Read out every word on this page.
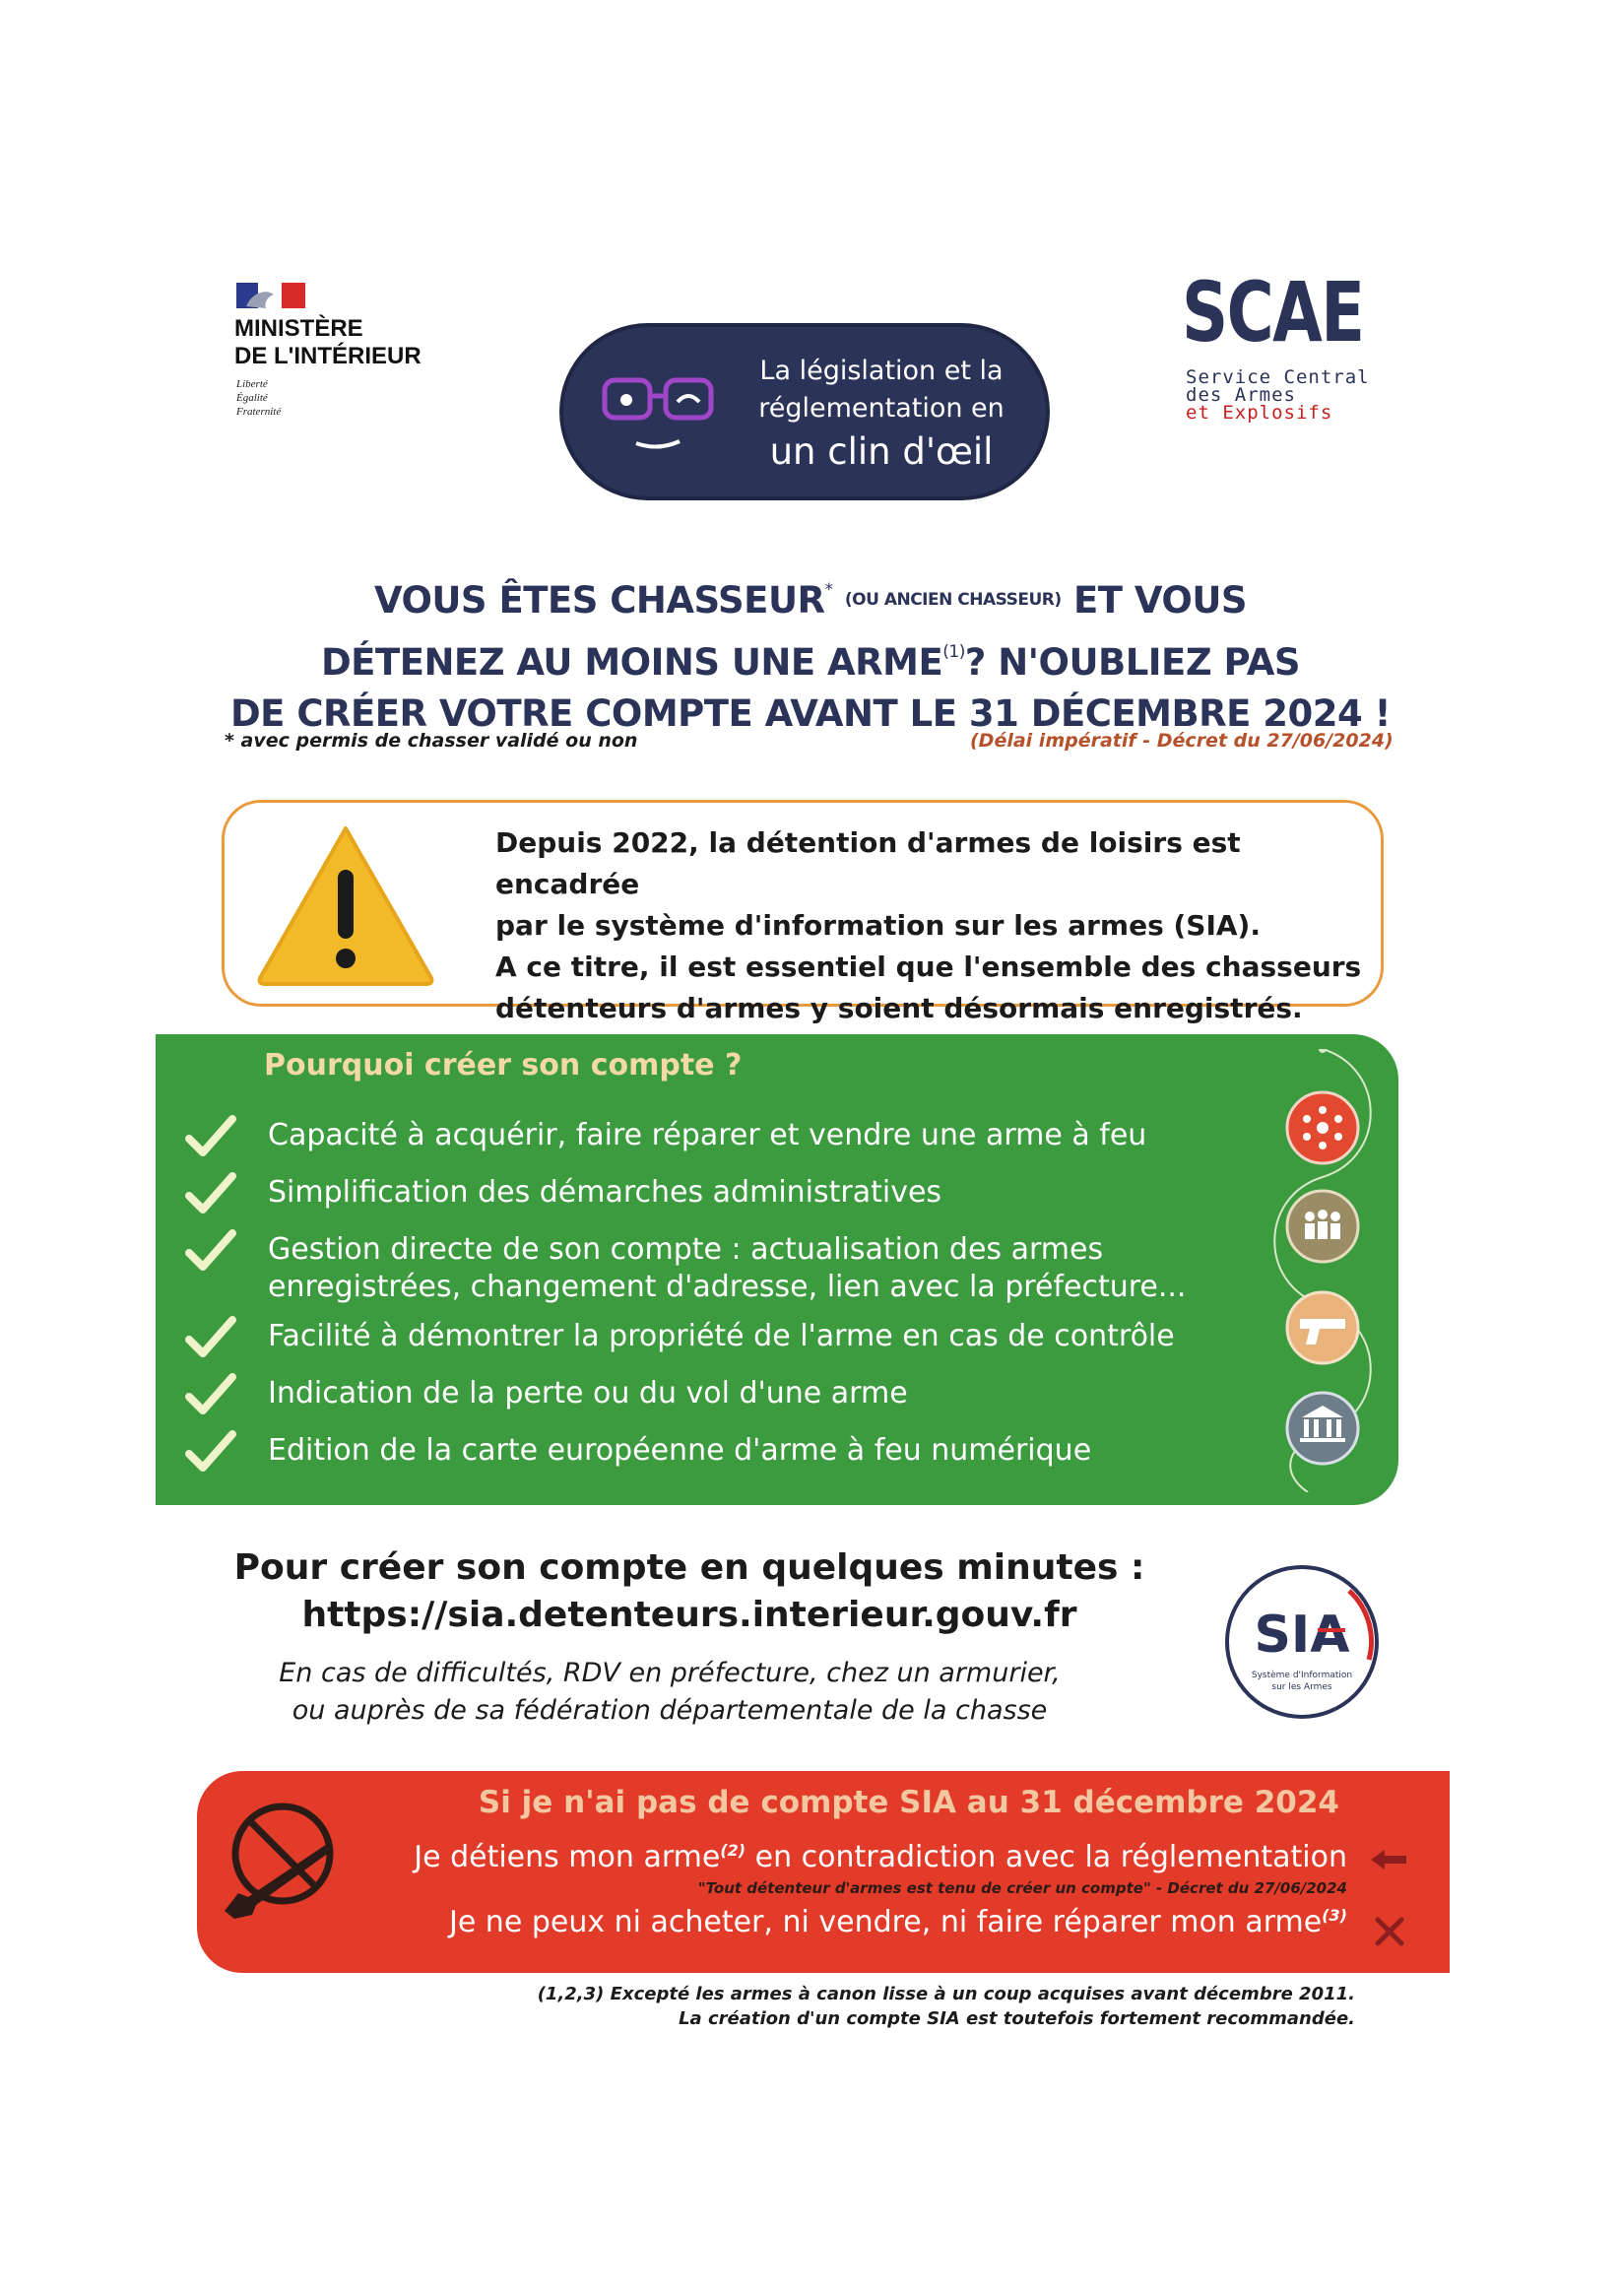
MINISTÈRE
DE L'INTÉRIEUR
Liberté
Égalité
Fraternité
La législation et la
réglementation en
un clin d'œil
SCAE
Service Central
des Armes
et Explosifs
VOUS ÊTES CHASSEUR* $^{(OU ANCIEN CHASSEUR)}$ ET VOUS
DÉTENEZ AU MOINS UNE ARME$^{(1)}$? N'OUBLIEZ PAS
DE CRÉER VOTRE COMPTE AVANT LE 31 DÉCEMBRE 2024 !
* avec permis de chasser validé ou non	(Délai impératif - Décret du 27/06/2024)
Depuis 2022, la détention d'armes de loisirs est encadrée
par le système d'information sur les armes (SIA).
A ce titre, il est essentiel que l'ensemble des chasseurs
détenteurs d'armes y soient désormais enregistrés.
Pourquoi créer son compte ?
Capacité à acquérir, faire réparer et vendre une arme à feu
Simplification des démarches administratives
Gestion directe de son compte : actualisation des armes enregistrées, changement d'adresse, lien avec la préfecture...
Facilité à démontrer la propriété de l'arme en cas de contrôle
Indication de la perte ou du vol d'une arme
Edition de la carte européenne d'arme à feu numérique
Pour créer son compte en quelques minutes :
https://sia.detenteurs.interieur.gouv.fr
En cas de difficultés, RDV en préfecture, chez un armurier,
ou auprès de sa fédération départementale de la chasse
SIA
Système d'Information
sur les Armes
Si je n'ai pas de compte SIA au 31 décembre 2024
Je détiens mon arme$^{(2)}$ en contradiction avec la réglementation
"Tout détenteur d'armes est tenu de créer un compte" - Décret du 27/06/2024
Je ne peux ni acheter, ni vendre, ni faire réparer mon arme$^{(3)}$
(1,2,3) Excepté les armes à canon lisse à un coup acquises avant décembre 2011.
La création d'un compte SIA est toutefois fortement recommandée.
